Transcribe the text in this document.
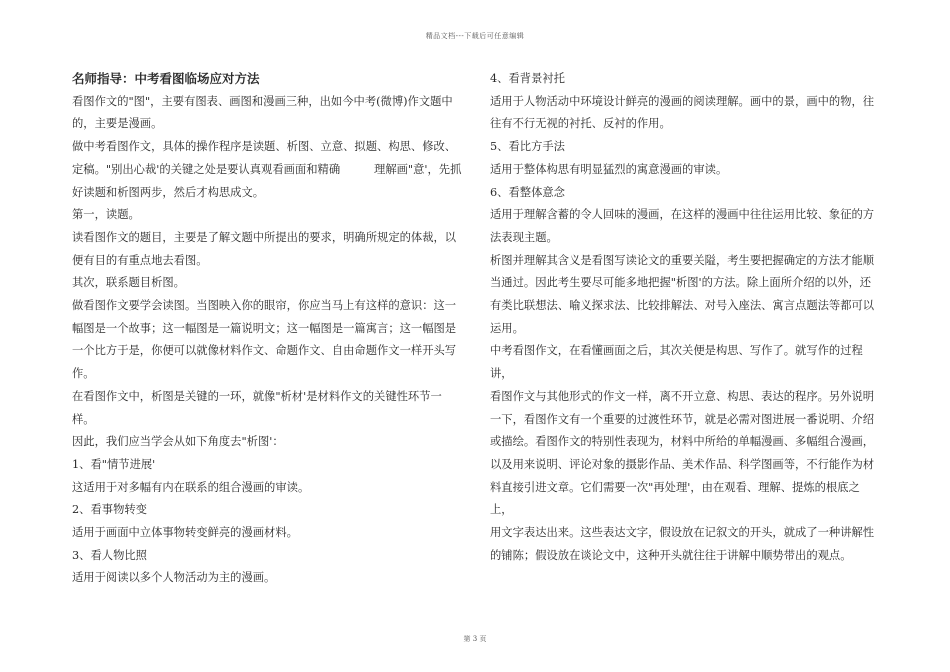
精品文档---下载后可任意编辑

名师指导：中考看图临场应对方法

看图作文的"图"，主要有图表、画图和漫画三种，出如今中考(微博)作文题中

的，主要是漫画。

做中考看图作文，具体的操作程序是读题、析图、立意、拟题、构思、修改、

定稿。"别出心裁'的关键之处是要认真观看画面和精确　　　理解画"意'，先抓

好读题和析图两步，然后才构思成文。

第一，读题。

读看图作文的题目，主要是了解文题中所提出的要求，明确所规定的体裁，以

便有目的有重点地去看图。

其次，联系题目析图。

做看图作文要学会读图。当图映入你的眼帘，你应当马上有这样的意识：这一

幅图是一个故事；这一幅图是一篇说明文；这一幅图是一篇寓言；这一幅图是

一个比方于是，你便可以就像材料作文、命题作文、自由命题作文一样开头写

作。

在看图作文中，析图是关键的一环，就像"析材'是材料作文的关键性环节一样。

因此，我们应当学会从如下角度去"析图'：

1、看"情节进展'

这适用于对多幅有内在联系的组合漫画的审读。

2、看事物转变

适用于画面中立体事物转变鲜亮的漫画材料。

3、看人物比照

适用于阅读以多个人物活动为主的漫画。

4、看背景衬托

适用于人物活动中环境设计鲜亮的漫画的阅读理解。画中的景，画中的物，往

往有不行无视的衬托、反衬的作用。

5、看比方手法

适用于整体构思有明显猛烈的寓意漫画的审读。

6、看整体意念

适用于理解含蓄的令人回味的漫画，在这样的漫画中往往运用比较、象征的方

法表现主题。

析图并理解其含义是看图写读论文的重要关隘，考生要把握确定的方法才能顺

当通过。因此考生要尽可能多地把握"析图'的方法。除上面所介绍的以外，还

有类比联想法、喻义探求法、比较排解法、对号入座法、寓言点题法等都可以

运用。

中考看图作文，在看懂画面之后，其次关便是构思、写作了。就写作的过程讲，

看图作文与其他形式的作文一样，离不开立意、构思、表达的程序。另外说明

一下，看图作文有一个重要的过渡性环节，就是必需对图进展一番说明、介绍

或描绘。看图作文的特别性表现为，材料中所给的单幅漫画、多幅组合漫画，

以及用来说明、评论对象的摄影作品、美术作品、科学图画等，不行能作为材

料直接引进文章。它们需要一次"再处理'，由在观看、理解、提炼的根底之上，

用文字表达出来。这些表达文字，假设放在记叙文的开头，就成了一种讲解性

的铺陈；假设放在谈论文中，这种开头就往往于讲解中顺势带出的观点。

第 3 页
